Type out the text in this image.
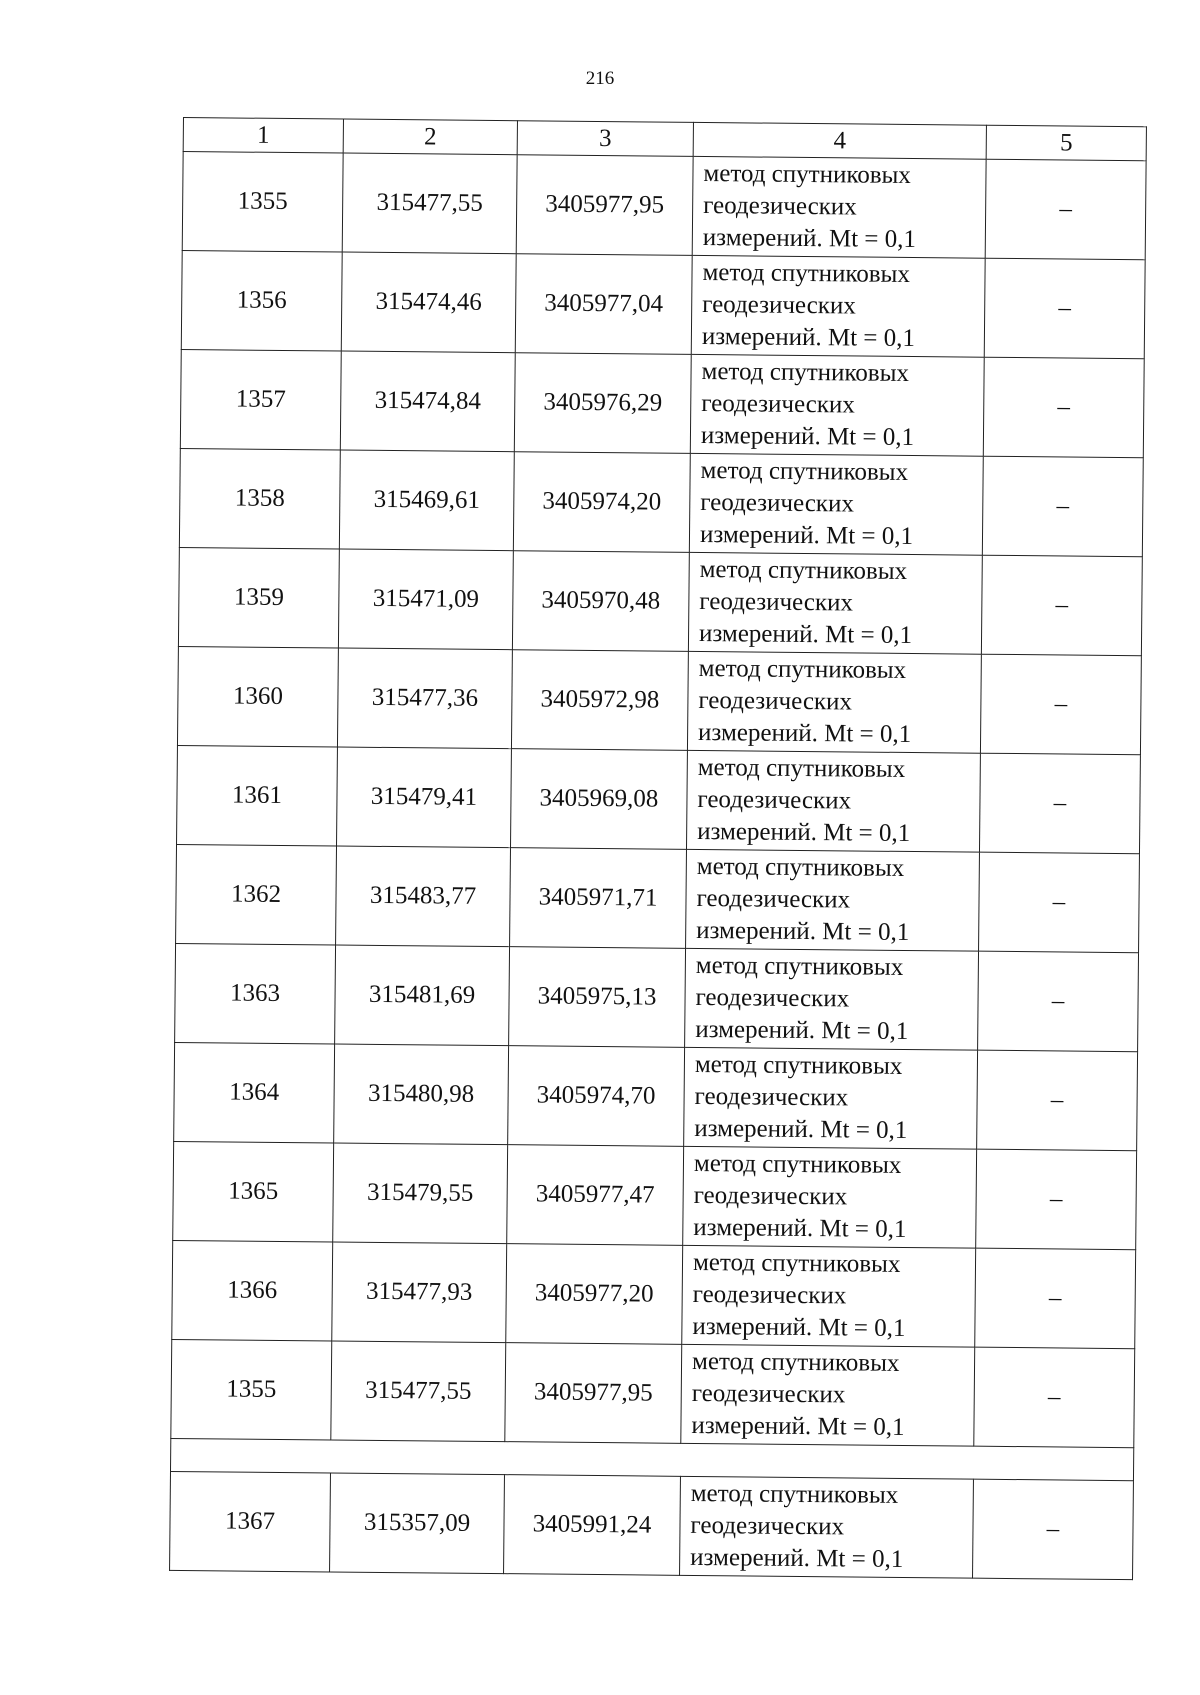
216
1	2	3	4	5
1355	315477,55	3405977,95	метод спутниковых
геодезических
измерений. Mt = 0,1	–
1356	315474,46	3405977,04	метод спутниковых
геодезических
измерений. Mt = 0,1	–
1357	315474,84	3405976,29	метод спутниковых
геодезических
измерений. Mt = 0,1	–
1358	315469,61	3405974,20	метод спутниковых
геодезических
измерений. Mt = 0,1	–
1359	315471,09	3405970,48	метод спутниковых
геодезических
измерений. Mt = 0,1	–
1360	315477,36	3405972,98	метод спутниковых
геодезических
измерений. Mt = 0,1	–
1361	315479,41	3405969,08	метод спутниковых
геодезических
измерений. Mt = 0,1	–
1362	315483,77	3405971,71	метод спутниковых
геодезических
измерений. Mt = 0,1	–
1363	315481,69	3405975,13	метод спутниковых
геодезических
измерений. Mt = 0,1	–
1364	315480,98	3405974,70	метод спутниковых
геодезических
измерений. Mt = 0,1	–
1365	315479,55	3405977,47	метод спутниковых
геодезических
измерений. Mt = 0,1	–
1366	315477,93	3405977,20	метод спутниковых
геодезических
измерений. Mt = 0,1	–
1355	315477,55	3405977,95	метод спутниковых
геодезических
измерений. Mt = 0,1	–

1367	315357,09	3405991,24	метод спутниковых
геодезических
измерений. Mt = 0,1	–
